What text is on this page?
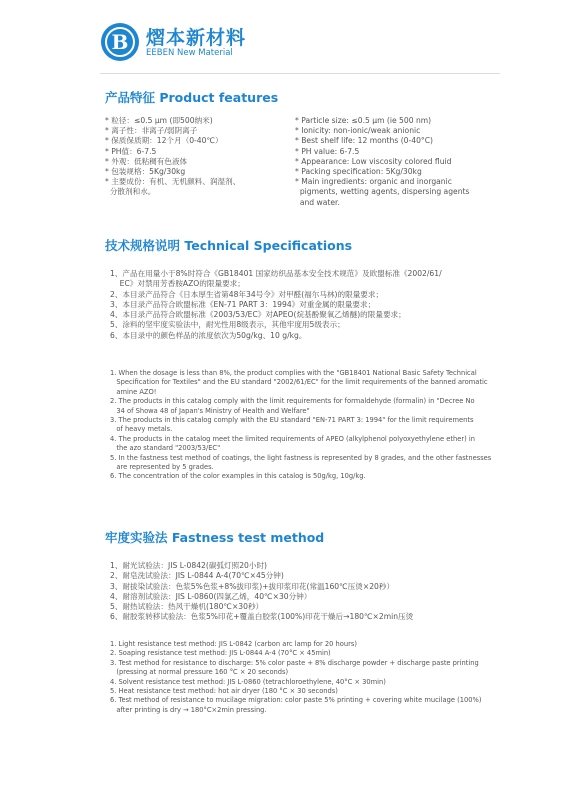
B 熠本新材料
EEBEN New Material
产品特征 Product features
* 粒径：≤0.5 μm (即500纳米)
* 离子性：非离子/弱阴离子
* 保质保质期：12个月（0-40℃）
* PH值：6-7.5
* 外观：低粘稠有色液体
* 包装规格：5Kg/30kg
* 主要成份：有机、无机颜料、润湿剂、
分散剂和水。
* Particle size: ≤0.5 μm (ie 500 nm)
* Ionicity: non-ionic/weak anionic
* Best shelf life: 12 months (0-40°C)
* PH value: 6-7.5
* Appearance: Low viscosity colored fluid
* Packing specification: 5Kg/30kg
* Main ingredients: organic and inorganic
pigments, wetting agents, dispersing agents
and water.
技术规格说明 Technical Specifications
1、产品在用量小于8%时符合《GB18401 国家纺织品基本安全技术规范》及欧盟标准《2002/61/
EC》对禁用芳香胺AZO的限量要求；
2、本目录产品符合《日本厚生省第48年34号令》对甲醛(福尔马林)的限量要求；
3、本目录产品符合欧盟标准《EN-71 PART 3：1994》对重金属的限量要求；
4、本目录产品符合欧盟标准《2003/53/EC》对APEO(烷基酚聚氧乙烯醚)的限量要求；
5、涂料的坚牢度实验法中，耐光性用8级表示，其他牢度用5级表示；
6、本目录中的颜色样品的浓度依次为50g/kg、10 g/kg。
1. When the dosage is less than 8%, the product complies with the "GB18401 National Basic Safety Technical
Specification for Textiles" and the EU standard "2002/61/EC" for the limit requirements of the banned aromatic
amine AZO!
2. The products in this catalog comply with the limit requirements for formaldehyde (formalin) in "Decree No
34 of Showa 48 of Japan's Ministry of Health and Welfare"
3. The products in this catalog comply with the EU standard "EN-71 PART 3: 1994" for the limit requirements
of heavy metals.
4. The products in the catalog meet the limited requirements of APEO (alkylphenol polyoxyethylene ether) in
the azo standard "2003/53/EC"
5. In the fastness test method of coatings, the light fastness is represented by 8 grades, and the other fastnesses
are represented by 5 grades.
6. The concentration of the color examples in this catalog is 50g/kg, 10g/kg.
牢度实验法 Fastness test method
1、耐光试验法：JIS L-0842(碳弧灯照20小时)
2、耐皂洗试验法：JIS L-0844 A-4(70℃×45分钟)
3、耐拔染试验法：色浆5%色浆+8%拔印浆)+拔印浆印花(常温160℃压烫×20秒）
4、耐溶剂试验法：JIS L-0860(四氯乙烯，40℃×30分钟）
5、耐热试验法：热风干燥机(180℃×30秒）
6、耐胶浆转移试验法：色浆5%印花+覆盖白胶浆(100%)印花干燥后→180℃×2min压烫
1. Light resistance test method: JIS L-0842 (carbon arc lamp for 20 hours)
2. Soaping resistance test method: JIS L-0844 A-4 (70°C × 45min)
3. Test method for resistance to discharge: 5% color paste + 8% discharge powder + discharge paste printing
(pressing at normal pressure 160 °C × 20 seconds)
4. Solvent resistance test method: JIS L-0860 (tetrachloroethylene, 40°C × 30min)
5. Heat resistance test method: hot air dryer (180 °C × 30 seconds)
6. Test method of resistance to mucilage migration: color paste 5% printing + covering white mucilage (100%)
after printing is dry → 180°C×2min pressing.
